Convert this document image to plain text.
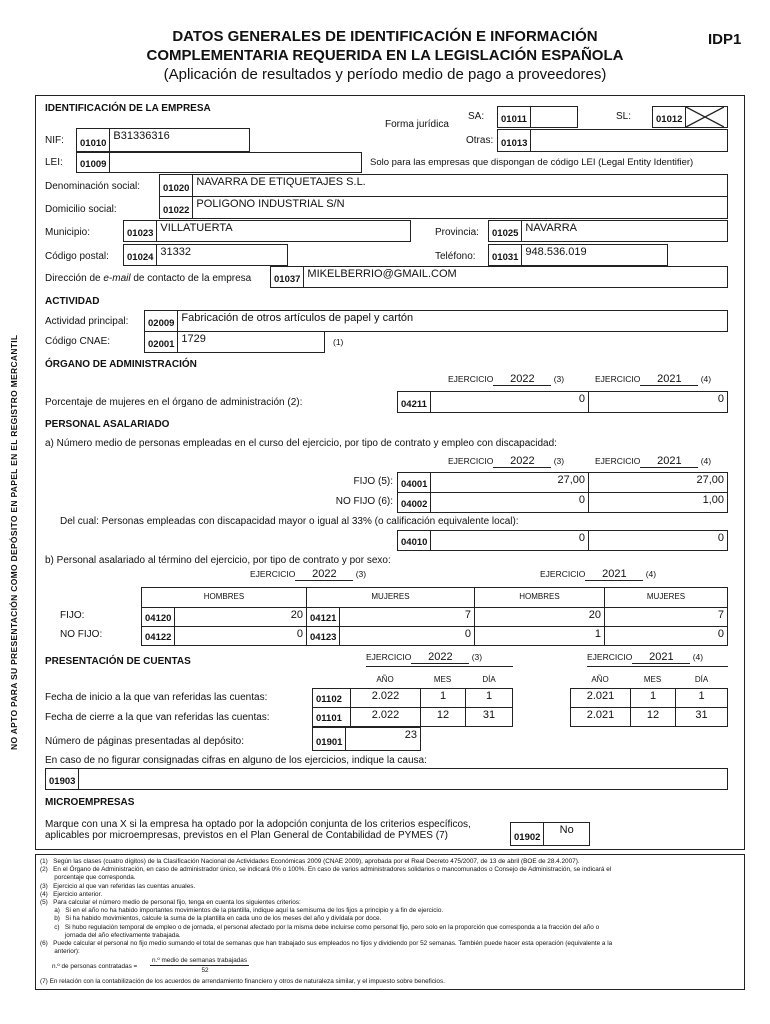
DATOS GENERALES DE IDENTIFICACIÓN E INFORMACIÓN
COMPLEMENTARIA REQUERIDA EN LA LEGISLACIÓN ESPAÑOLA
(Aplicación de resultados y período medio de pago a proveedores)
IDP1
NO APTO PARA SU PRESENTACIÓN COMO DEPÓSITO EN PAPEL EN EL REGISTRO MERCANTIL
IDENTIFICACIÓN DE LA EMPRESA
Forma jurídica
SA:	01011	SL:	01012
Otras: 01013
NIF:	01010
B31336316
LEI:	01009	Solo para las empresas que dispongan de código LEI (Legal Entity Identifier)
Denominación social:	01020
NAVARRA DE ETIQUETAJES S.L.
Domicilio social:	01022
POLIGONO INDUSTRIAL S/N
Municipio:	01023 VILLATUERTA	Provincia:	01025 NAVARRA
Código postal:	01024 31332	Teléfono:	01031 948.536.019
Dirección de e-mail de contacto de la empresa	01037 MIKELBERRIO@GMAIL.COM
ACTIVIDAD
Actividad principal:	02009 Fabricación de otros artículos de papel y cartón
Código CNAE:	02001 1729	(1)
ÓRGANO DE ADMINISTRACIÓN
EJERCICIO 2022 (3)	EJERCICIO 2021 (4)
Porcentaje de mujeres en el órgano de administración (2):	04211	0	0
PERSONAL ASALARIADO
a) Número medio de personas empleadas en el curso del ejercicio, por tipo de contrato y empleo con discapacidad:
EJERCICIO 2022 (3)	EJERCICIO 2021 (4)
FIJO (5): 04001	27,00	27,00
NO FIJO (6): 04002	0	1,00
Del cual: Personas empleadas con discapacidad mayor o igual al 33% (o calificación equivalente local):
04010	0	0
b) Personal asalariado al término del ejercicio, por tipo de contrato y por sexo:
EJERCICIO 2022 (3)	EJERCICIO 2021 (4)
HOMBRES	MUJERES	HOMBRES	MUJERES
FIJO:	04120	20 04121	7	20	7
NO FIJO:	04122	0 04123	0	1	0
PRESENTACIÓN DE CUENTAS	EJERCICIO 2022 (3)	EJERCICIO 2021 (4)
AÑO	MES	DÍA	AÑO	MES	DÍA
Fecha de inicio a la que van referidas las cuentas:	01102	2.022	1	1	2.021	1	1
Fecha de cierre a la que van referidas las cuentas:	01101	2.022	12	31	2.021	12	31
Número de páginas presentadas al depósito:	01901
23
En caso de no figurar consignadas cifras en alguno de los ejercicios, indique la causa:
01903
MICROEMPRESAS
Marque con una X si la empresa ha optado por la adopción conjunta de los criterios específicos,
aplicables por microempresas, previstos en el Plan General de Contabilidad de PYMES (7)	01902
No
(1)   Según las clases (cuatro dígitos) de la Clasificación Nacional de Actividades Económicas 2009 (CNAE 2009), aprobada por el Real Decreto 475/2007, de 13 de abril (BOE de 28.4.2007).
(2)   En el Órgano de Administración, en caso de administrador único, se indicará 0% o 100%. En caso de varios administradores solidarios o mancomunados o Consejo de Administración, se indicará el
porcentaje que corresponda.
(3)   Ejercicio al que van referidas las cuentas anuales.
(4)   Ejercicio anterior.
(5)   Para calcular el número medio de personal fijo, tenga en cuenta los siguientes criterios:
a)   Si en el año no ha habido importantes movimientos de la plantilla, indique aquí la semisuma de los fijos a principio y a fin de ejercicio.
b)   Si ha habido movimientos, calcule la suma de la plantilla en cada uno de los meses del año y divídala por doce.
c)   Si hubo regulación temporal de empleo o de jornada, el personal afectado por la misma debe incluirse como personal fijo, pero solo en la proporción que corresponda a la fracción del año o
jornada del año efectivamente trabajada.
(6)   Puede calcular el personal no fijo medio sumando el total de semanas que han trabajado sus empleados no fijos y dividiendo por 52 semanas. También puede hacer esta operación (equivalente a la
anterior):
n.º de personas contratadas =
n.º medio de semanas trabajadas
52
(7) En relación con la contabilización de los acuerdos de arrendamiento financiero y otros de naturaleza similar, y el impuesto sobre beneficios.
